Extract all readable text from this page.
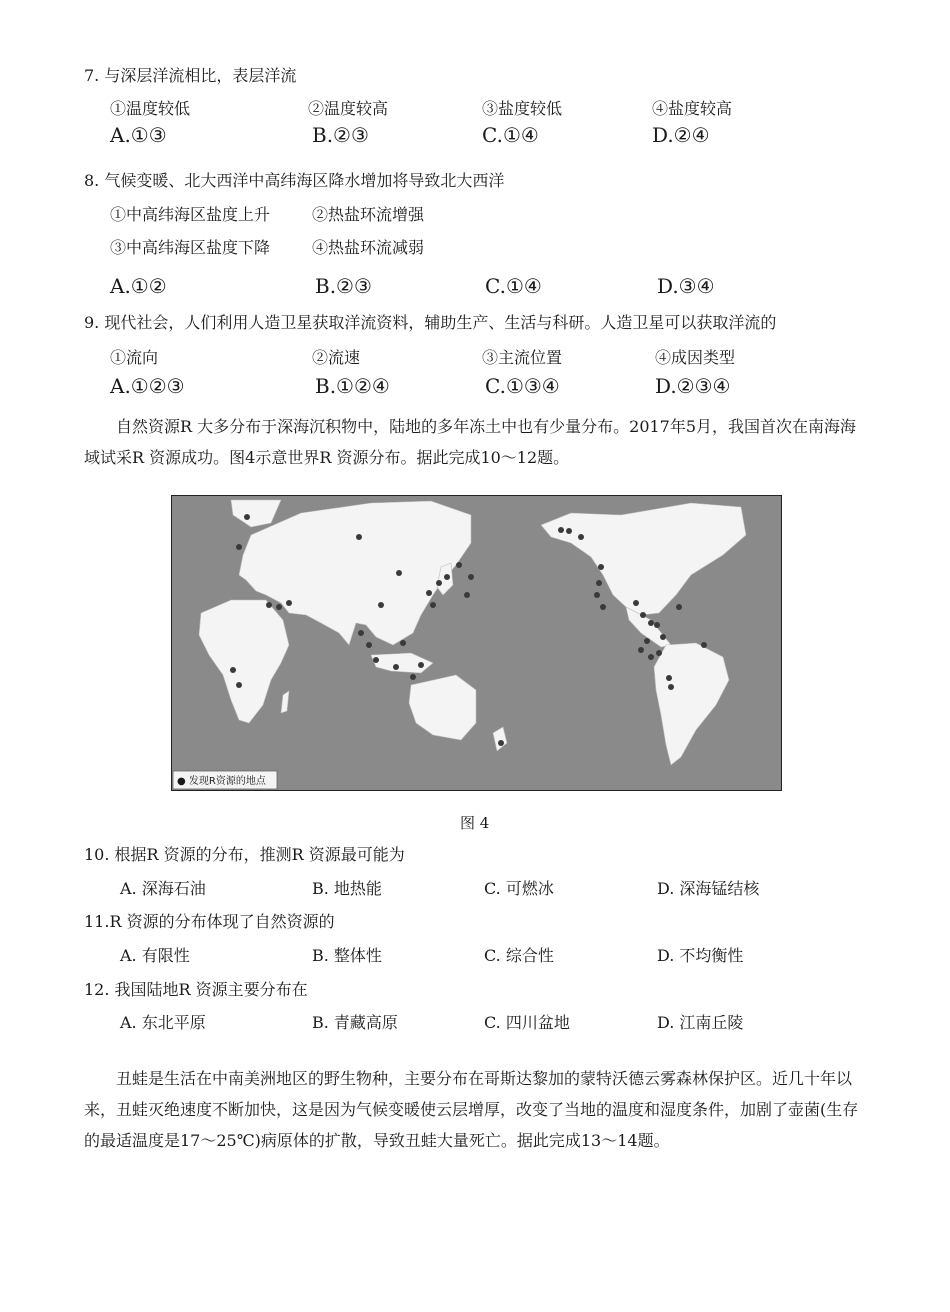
7. 与深层洋流相比，表层洋流
①温度较低	②温度较高	③盐度较低	④盐度较高
A.①③	B.②③	C.①④	D.②④
8. 气候变暖、北大西洋中高纬海区降水增加将导致北大西洋
①中高纬海区盐度上升	②热盐环流增强
③中高纬海区盐度下降	④热盐环流减弱
A.①②	B.②③	C.①④	D.③④
9. 现代社会，人们利用人造卫星获取洋流资料，辅助生产、生活与科研。人造卫星可以获取洋流的
①流向	②流速	③主流位置	④成因类型
A.①②③	B.①②④	C.①③④	D.②③④
自然资源R 大多分布于深海沉积物中，陆地的多年冻土中也有少量分布。2017年5月，我国首次在南海海域试采R 资源成功。图4示意世界R 资源分布。据此完成10～12题。
● 发现R资源的地点
图 4
10. 根据R 资源的分布，推测R 资源最可能为
A. 深海石油	B. 地热能	C. 可燃冰	D. 深海锰结核
11.R 资源的分布体现了自然资源的
A. 有限性	B. 整体性	C. 综合性	D. 不均衡性
12. 我国陆地R 资源主要分布在
A. 东北平原	B. 青藏高原	C. 四川盆地	D. 江南丘陵
丑蛙是生活在中南美洲地区的野生物种，主要分布在哥斯达黎加的蒙特沃德云雾森林保护区。近几十年以来，丑蛙灭绝速度不断加快，这是因为气候变暖使云层增厚，改变了当地的温度和湿度条件，加剧了壶菌(生存的最适温度是17～25℃)病原体的扩散，导致丑蛙大量死亡。据此完成13～14题。
